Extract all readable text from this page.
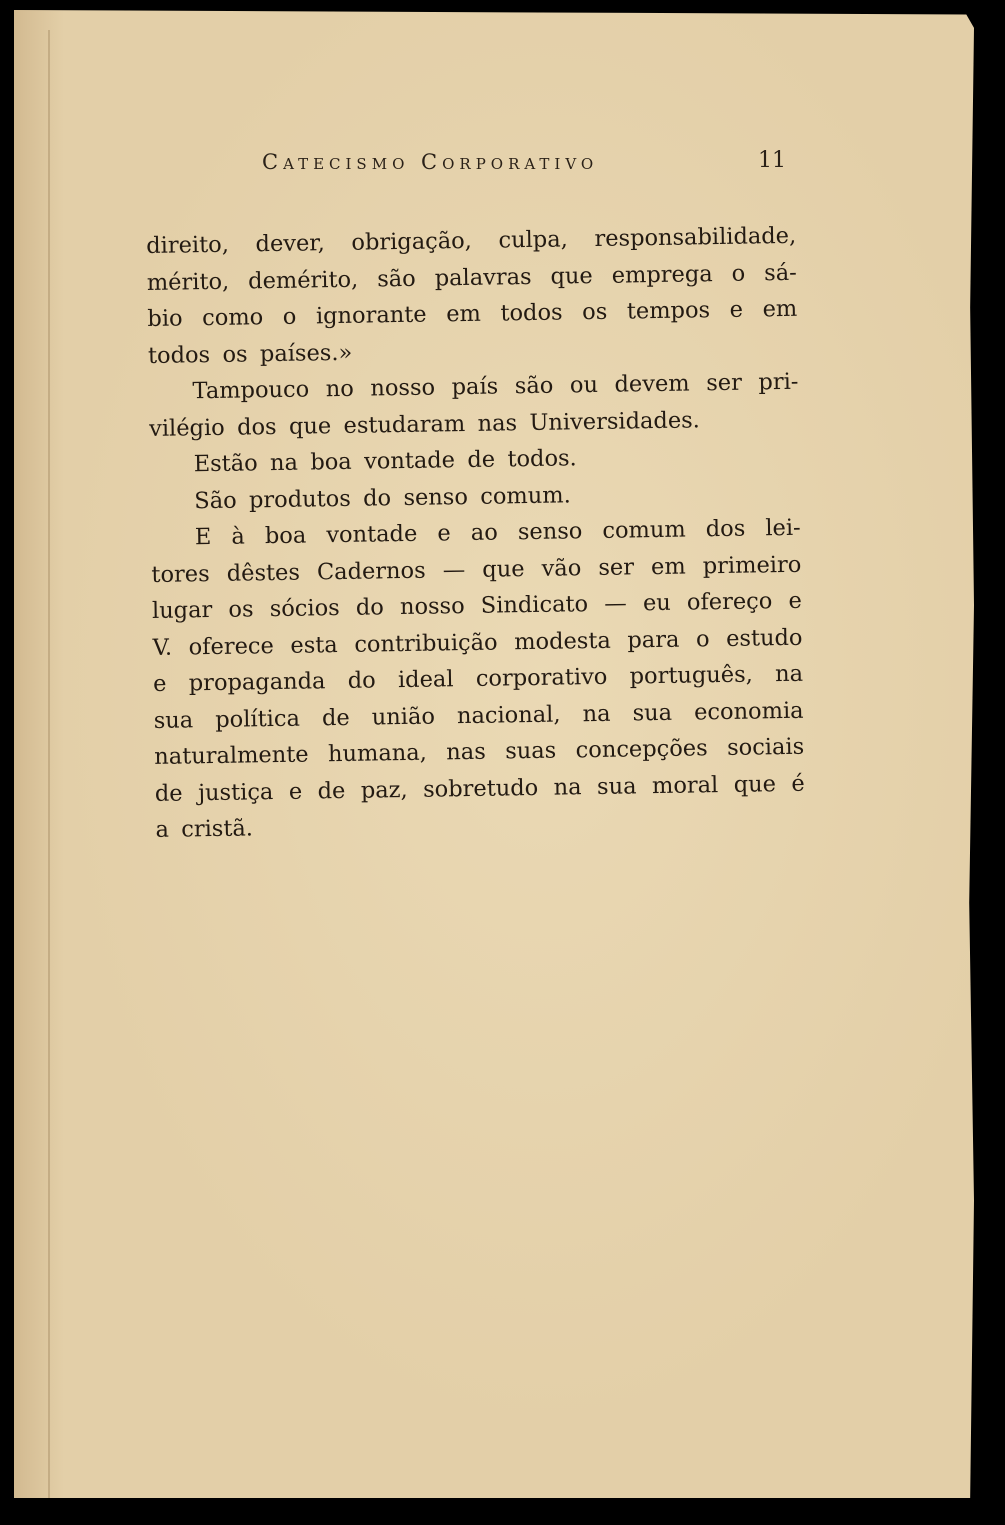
Catecismo Corporativo	11
direito, dever, obrigação, culpa, responsabilidade,
mérito, demérito, são palavras que emprega o sá-
bio como o ignorante em todos os tempos e em
todos os países.»
Tampouco no nosso país são ou devem ser pri-
vilégio dos que estudaram nas Universidades.
Estão na boa vontade de todos.
São produtos do senso comum.
E à boa vontade e ao senso comum dos lei-
tores dêstes Cadernos — que vão ser em primeiro
lugar os sócios do nosso Sindicato — eu ofereço e
V. oferece esta contribuição modesta para o estudo
e propaganda do ideal corporativo português, na
sua política de união nacional, na sua economia
naturalmente humana, nas suas concepções sociais
de justiça e de paz, sobretudo na sua moral que é
a cristã.
